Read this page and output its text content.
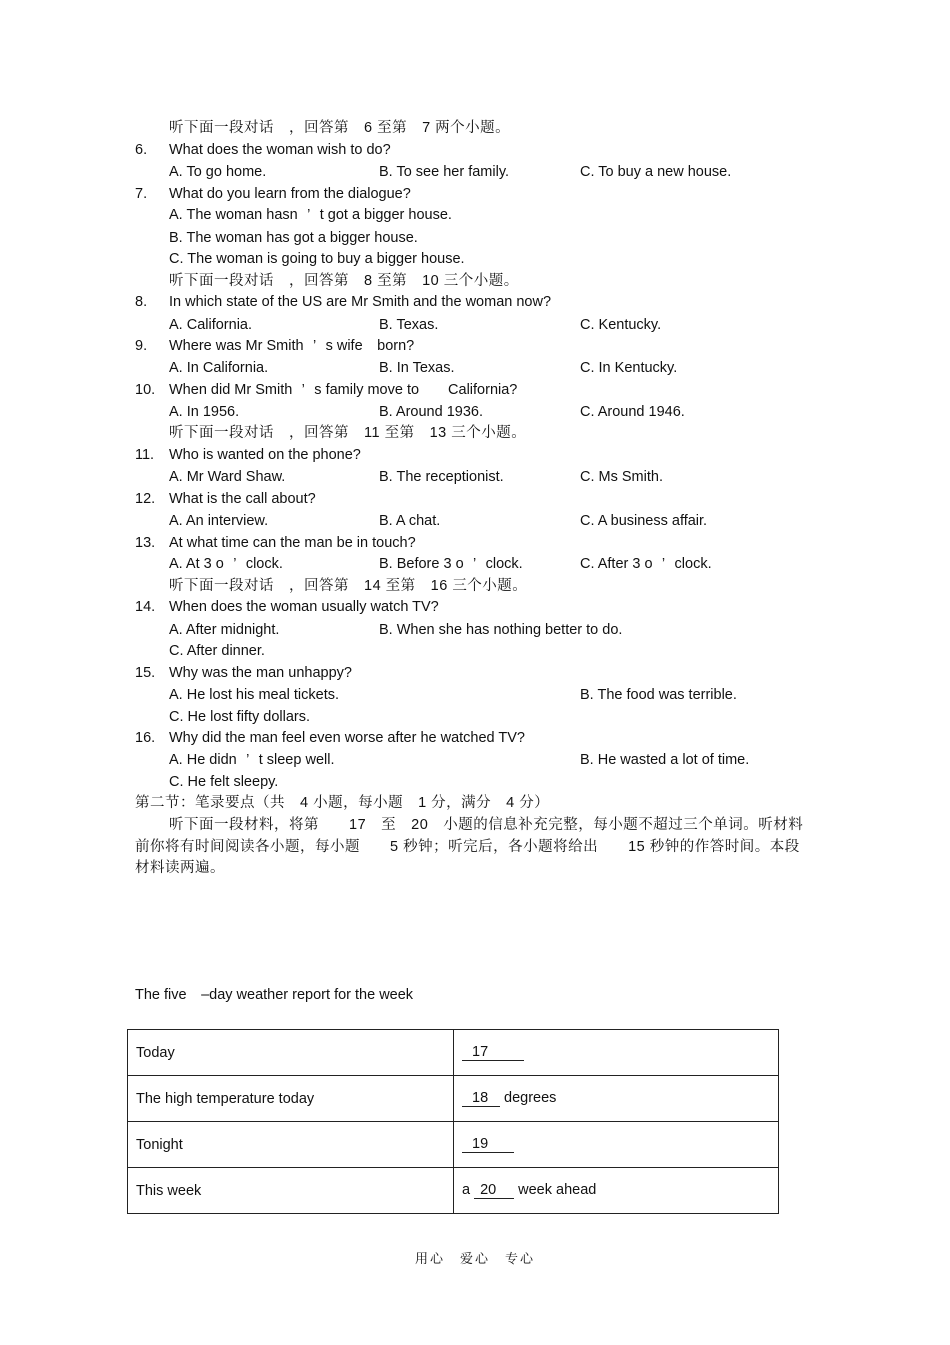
听下面一段对话　，回答第　6 至第　7 两个小题。
6. What does the woman wish to do?
A. To go home.	B. To see her family.	C. To buy a new house.
7. What do you learn from the dialogue?
A. The woman hasn ’ t got a bigger house.
B. The woman has got a bigger house.
C. The woman is going to buy a bigger house.
听下面一段对话　，回答第　8 至第　10 三个小题。
8. In which state of the US are Mr Smith and the woman now?
A. California.	B. Texas.	C. Kentucky.
9. Where was Mr Smith ’ s wife　born?
A. In California.	B. In Texas.	C. In Kentucky.
10. When did Mr Smith ’ s family move to　　California?
A. In 1956.	B. Around 1936.	C. Around 1946.
听下面一段对话　，回答第　11 至第　13 三个小题。
11. Who is wanted on the phone?
A. Mr Ward Shaw.	B. The receptionist.	C. Ms Smith.
12. What is the call about?
A. An interview.	B. A chat.	C. A business affair.
13. At what time can the man be in touch?
A. At 3 o ’ clock.	B. Before 3 o ’ clock.	C. After 3 o ’ clock.
听下面一段对话　，回答第　14 至第　16 三个小题。
14. When does the woman usually watch TV?
A. After midnight.	B. When she has nothing better to do.
C. After dinner.
15. Why was the man unhappy?
A. He lost his meal tickets.	B. The food was terrible.
C. He lost fifty dollars.
16. Why did the man feel even worse after he watched TV?
A. He didn ’ t sleep well.	B. He wasted a lot of time.
C. He felt sleepy.
第二节：笔录要点（共　4 小题，每小题　1 分，满分　4 分）
听下面一段材料，将第　　17　至　20　小题的信息补充完整，每小题不超过三个单词。听材料
前你将有时间阅读各小题，每小题　　5 秒钟；听完后，各小题将给出　　15 秒钟的作答时间。本段
材料读两遍。
The five　–day weather report for the week
Today	17
The high temperature today	18 degrees
Tonight	19
This week	a 20 week ahead
用心　爱心　专心
